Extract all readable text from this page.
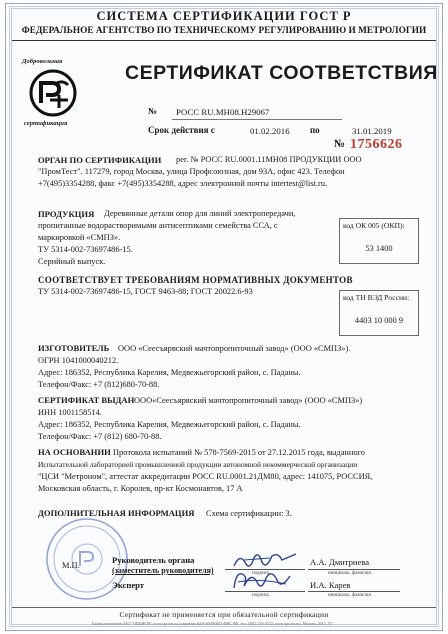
СИСТЕМА СЕРТИФИКАЦИИ ГОСТ Р
ФЕДЕРАЛЬНОЕ АГЕНТСТВО ПО ТЕХНИЧЕСКОМУ РЕГУЛИРОВАНИЮ И МЕТРОЛОГИИ
Добровольная
сертификация
СЕРТИФИКАТ СООТВЕТСТВИЯ
№ РОСС RU.МН08.Н29067
Срок действия с	01.02.2016 по	31.01.2019
№ 1756626
ОРГАН ПО СЕРТИФИКАЦИИ рег. № РОСС RU.0001.11МН08 ПРОДУКЦИИ ООО
"ПромТест". 117279, город Москва, улица Профсоюзная, дом 93А, офис 423. Телефон
+7(495)3354288, факс +7(495)3354288, адрес электронной почты intertest@list.ru.
ПРОДУКЦИЯ Деревянные детали опор для линий электропередачи,
пропитанные водорастворимыми антисептиками семейства ССА, с
маркировкой «СМПЗ».
ТУ 5314-002-73697486-15.
Серийный выпуск.
код ОК 005 (ОКП):
53 1400
СООТВЕТСТВУЕТ ТРЕБОВАНИЯМ НОРМАТИВНЫХ ДОКУМЕНТОВ
ТУ 5314-002-73697486-15, ГОСТ 9463-88; ГОСТ 20022.6-93
код ТН ВЭД России:
4403 10 000 9
ИЗГОТОВИТЕЛЬ ООО «Сеесъярвский мачтопропиточный завод» (ООО «СМПЗ»).
ОГРН 1041000040212.
Адрес: 186352, Республика Карелия, Медвежьегорский район, с. Паданы.
Телефон/Факс: +7 (812)680-70-88.
СЕРТИФИКАТ ВЫДАН ООО«Сеесъярвский мачтопропиточный завод» (ООО «СМПЗ»)
ИНН 1001158514.
Адрес: 186352, Республика Карелия, Медвежьегорский район, с. Паданы.
Телефон/Факс: +7 (812) 680-70-88.
НА ОСНОВАНИИ Протокола испытаний № 578-7569-2015 от 27.12.2015 года, выданного
Испытательной лабораторией промышленной продукции автономной некоммерческой организации
"ЦСИ "Метроном", аттестат аккредитации РОСС RU.0001.21ДМ80, адрес: 141075, РОССИЯ,
Московская область, г. Королев, пр-кт Космонавтов, 17 А
ДОПОЛНИТЕЛЬНАЯ ИНФОРМАЦИЯ Схема сертификации: 3.
М.П.
Руководитель органа
(заместитель руководителя)
А.А. Дмитриева
подпись	инициалы, фамилия
Эксперт	И.А. Карев
подпись	инициалы, фамилия
Сертификат не применяется при обязательной сертификации
Бланк изготовлен ЗАО "ОПЦИОН" www.opcion.ru (лицензия №05-05-09/003 ФНС РФ, тел. (495) 726-4742, www.opcion.ru), Москва, 2015, "Б"
